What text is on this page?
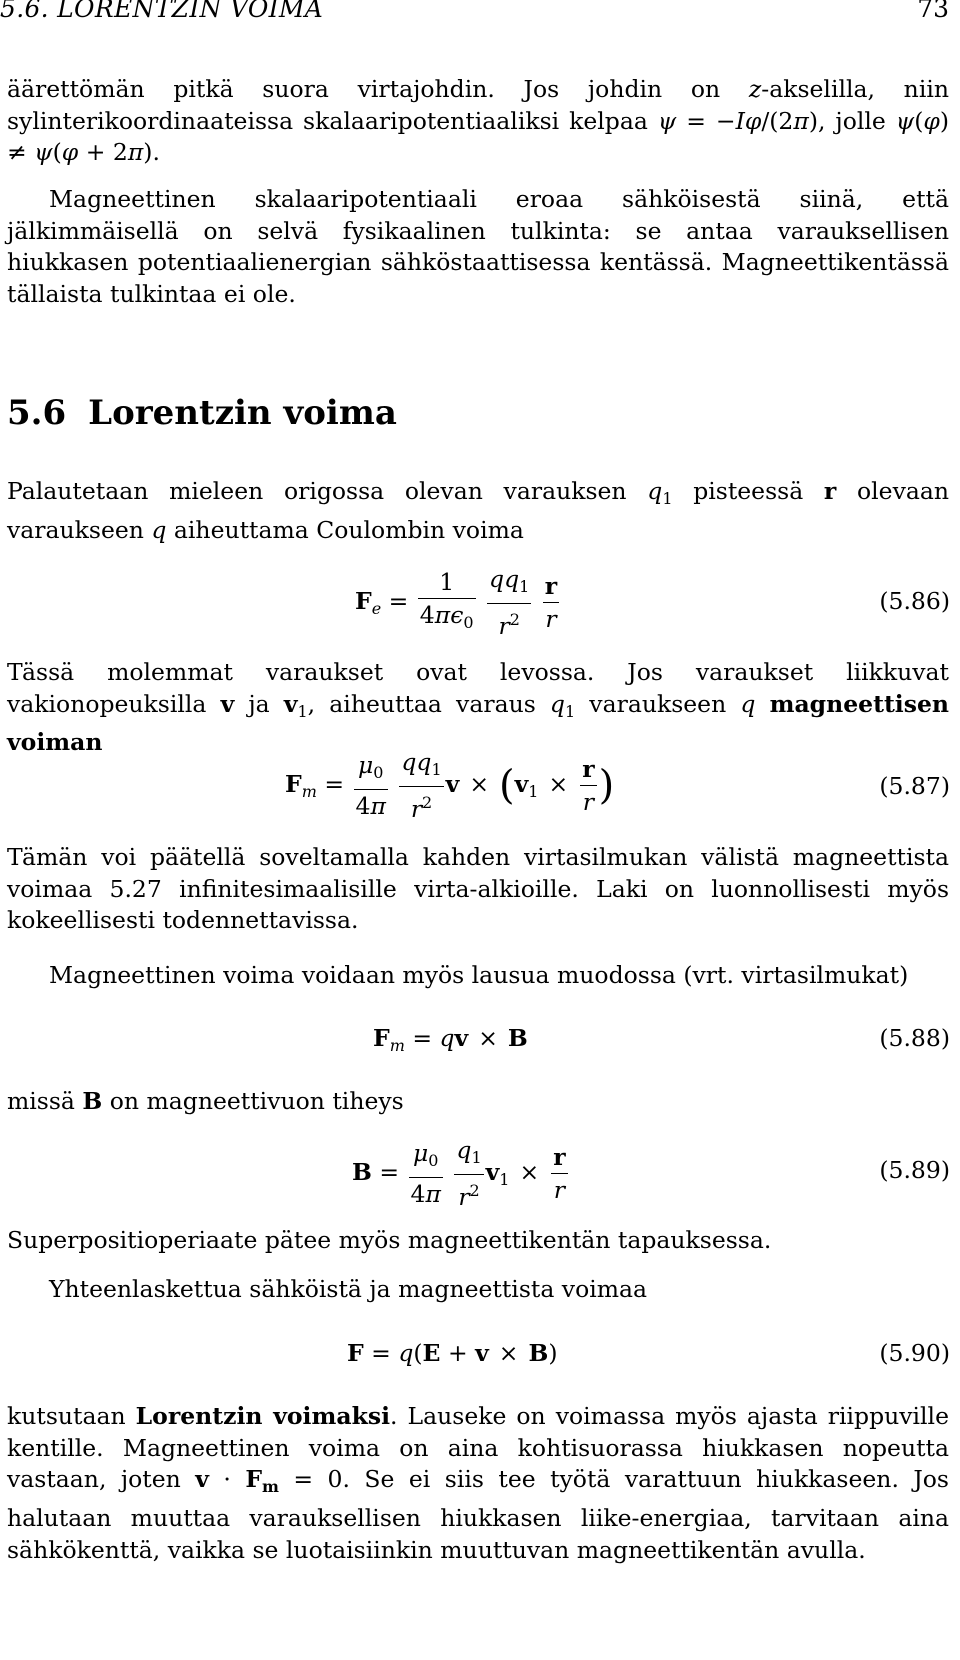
5.6. LORENTZIN VOIMA	73
äärettömän pitkä suora virtajohdin. Jos johdin on z-akselilla, niin sylinterikoordinaateissa skalaaripotentiaaliksi kelpaa ψ = −Iφ/(2π), jolle ψ(φ) ≠ ψ(φ + 2π).
Magneettinen skalaaripotentiaali eroaa sähköisestä siinä, että jälkimmäisellä on selvä fysikaalinen tulkinta: se antaa varauksellisen hiukkasen potentiaalienergian sähköstaattisessa kentässä. Magneettikentässä tällaista tulkintaa ei ole.
5.6 Lorentzin voima
Palautetaan mieleen origossa olevan varauksen $q_1$ pisteessä r olevaan varaukseen q aiheuttama Coulombin voima
$F_e = \frac{1}{4\pi\epsilon_0}$
$\frac{qq_1}{r^2}$
$\frac{r}{r}$	(5.86)
Tässä molemmat varaukset ovat levossa. Jos varaukset liikkuvat vakionopeuksilla v ja $v_1$, aiheuttaa varaus $q_1$ varaukseen q magneettisen voiman
$F_m = \frac{\mu_0}{4\pi}$
$\frac{qq_1}{r^2}$ $v \times (v_1 \times \frac{r}{r}$ )	(5.87)
Tämän voi päätellä soveltamalla kahden virtasilmukan välistä magneettista voimaa 5.27 infinitesimaalisille virta-alkioille. Laki on luonnollisesti myös kokeellisesti todennettavissa.
Magneettinen voima voidaan myös lausua muodossa (vrt. virtasilmukat)
$F_m$ = qv × B	(5.88)
missä B on magneettivuon tiheys
$B = \frac{\mu_0}{4\pi}$
$\frac{q_1}{r^2} v_1 \times \frac{r}{r}$	(5.89)
Superpositioperiaate pätee myös magneettikentän tapauksessa.
Yhteenlaskettua sähköistä ja magneettista voimaa
F = q(E + v × B)	(5.90)
kutsutaan Lorentzin voimaksi. Lauseke on voimassa myös ajasta riippuville kentille. Magneettinen voima on aina kohtisuorassa hiukkasen nopeutta vastaan, joten $v \cdot F_m = 0$. Se ei siis tee työtä varattuun hiukkaseen. Jos halutaan muuttaa varauksellisen hiukkasen liike-energiaa, tarvitaan aina sähkökenttä, vaikka se luotaisiinkin muuttuvan magneettikentän avulla.
